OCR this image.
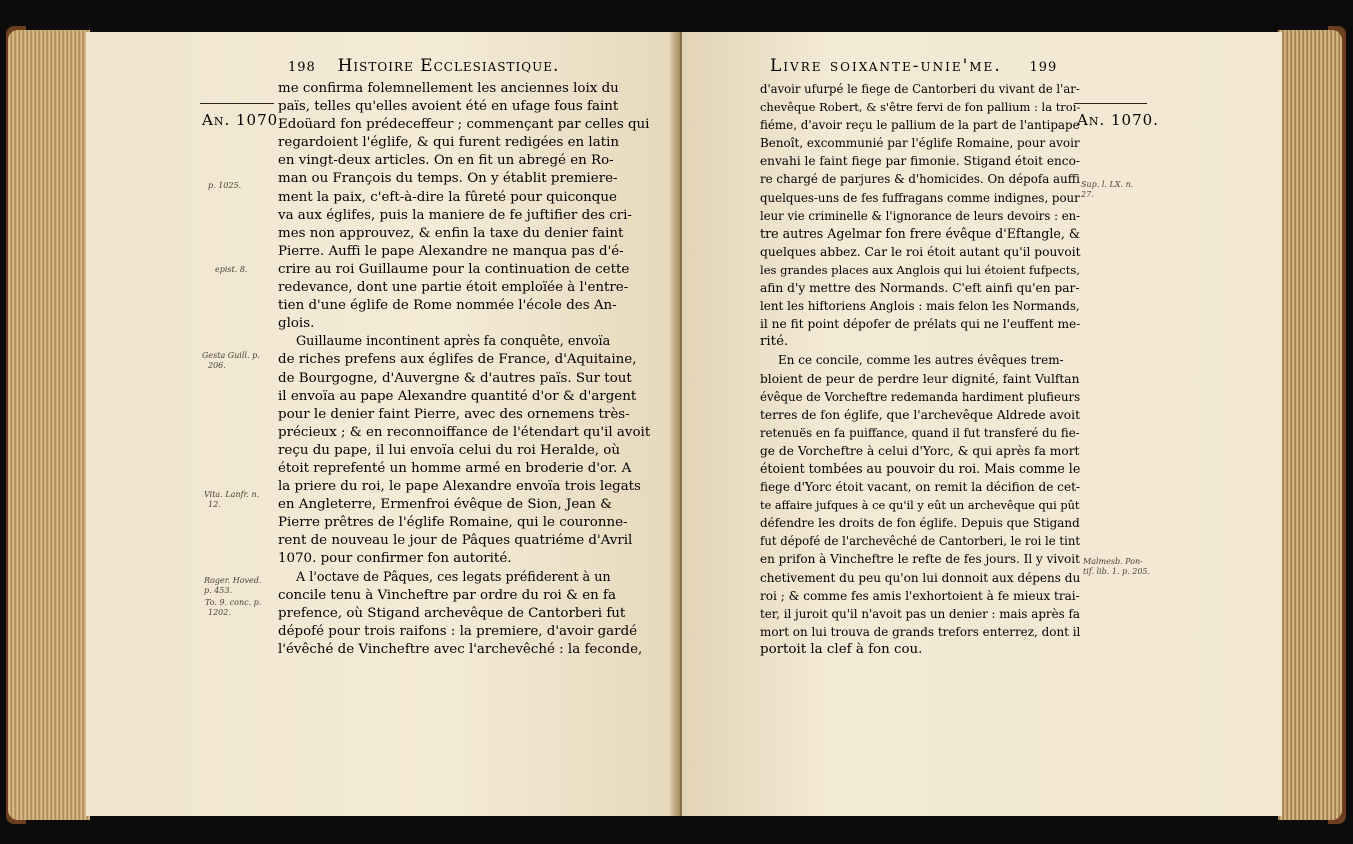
198 Histoire Ecclesiastique.
An. 1070.
p. 1025.
epist. 8.
Gesta Guill. p.
206.
Vita. Lanfr. n.
12.
Roger. Hoved.
p. 453.
To. 9. conc. p.
1202.

me confirma folemnellement les anciennes loix du

païs, telles qu'elles avoient été en ufage fous faint

Edoüard fon prédeceffeur ; commençant par celles qui

regardoient l'églife, & qui furent redigées en latin

en vingt-deux articles. On en fit un abregé en Ro-

man ou François du temps. On y établit premiere-

ment la paix, c'eft-à-dire la fûreté pour quiconque

va aux églifes, puis la maniere de fe juftifier des cri-

mes non approuvez, & enfin la taxe du denier faint

Pierre. Auffi le pape Alexandre ne manqua pas d'é-

crire au roi Guillaume pour la continuation de cette

redevance, dont une partie étoit emploïée à l'entre-

tien d'une églife de Rome nommée l'école des An-

glois.

Guillaume incontinent après fa conquête, envoïa

de riches prefens aux églifes de France, d'Aquitaine,

de Bourgogne, d'Auvergne & d'autres païs. Sur tout

il envoïa au pape Alexandre quantité d'or & d'argent

pour le denier faint Pierre, avec des ornemens très-

précieux ; & en reconnoiffance de l'étendart qu'il avoit

reçu du pape, il lui envoïa celui du roi Heralde, où

étoit reprefenté un homme armé en broderie d'or. A

la priere du roi, le pape Alexandre envoïa trois legats

en Angleterre, Ermenfroi évêque de Sion, Jean &

Pierre prêtres de l'églife Romaine, qui le couronne-

rent de nouveau le jour de Pâques quatriéme d'Avril

1070. pour confirmer fon autorité.

A l'octave de Pâques, ces legats préfiderent à un

concile tenu à Vincheftre par ordre du roi & en fa

prefence, où Stigand archevêque de Cantorberi fut

dépofé pour trois raifons : la premiere, d'avoir gardé

l'évêché de Vincheftre avec l'archevêché : la feconde,

Livre soixante-unie'me. 199
An. 1070.
Sup. l. LX. n.
27.
Malmesb. Pon-
tif. lib. 1. p. 205.

d'avoir ufurpé le fiege de Cantorberi du vivant de l'ar-

chevêque Robert, & s'être fervi de fon pallium : la troi-

fiéme, d'avoir reçu le pallium de la part de l'antipape

Benoît, excommunié par l'églife Romaine, pour avoir

envahi le faint fiege par fimonie. Stigand étoit enco-

re chargé de parjures & d'homicides. On dépofa auffi

quelques-uns de fes fuffragans comme indignes, pour

leur vie criminelle & l'ignorance de leurs devoirs : en-

tre autres Agelmar fon frere évêque d'Eftangle, &

quelques abbez. Car le roi étoit autant qu'il pouvoit

les grandes places aux Anglois qui lui étoient fufpects,

afin d'y mettre des Normands. C'eft ainfi qu'en par-

lent les hiftoriens Anglois : mais felon les Normands,

il ne fit point dépofer de prélats qui ne l'euffent me-

rité.

En ce concile, comme les autres évêques trem-

bloient de peur de perdre leur dignité, faint Vulftan

évêque de Vorcheftre redemanda hardiment plufieurs

terres de fon églife, que l'archevêque Aldrede avoit

retenuës en fa puiffance, quand il fut transferé du fie-

ge de Vorcheftre à celui d'Yorc, & qui après fa mort

étoient tombées au pouvoir du roi. Mais comme le

fiege d'Yorc étoit vacant, on remit la décifion de cet-

te affaire jufques à ce qu'il y eût un archevêque qui pût

défendre les droits de fon églife. Depuis que Stigand

fut dépofé de l'archevêché de Cantorberi, le roi le tint

en prifon à Vincheftre le refte de fes jours. Il y vivoit

chetivement du peu qu'on lui donnoit aux dépens du

roi ; & comme fes amis l'exhortoient à fe mieux trai-

ter, il juroit qu'il n'avoit pas un denier : mais après fa

mort on lui trouva de grands trefors enterrez, dont il

portoit la clef à fon cou.
